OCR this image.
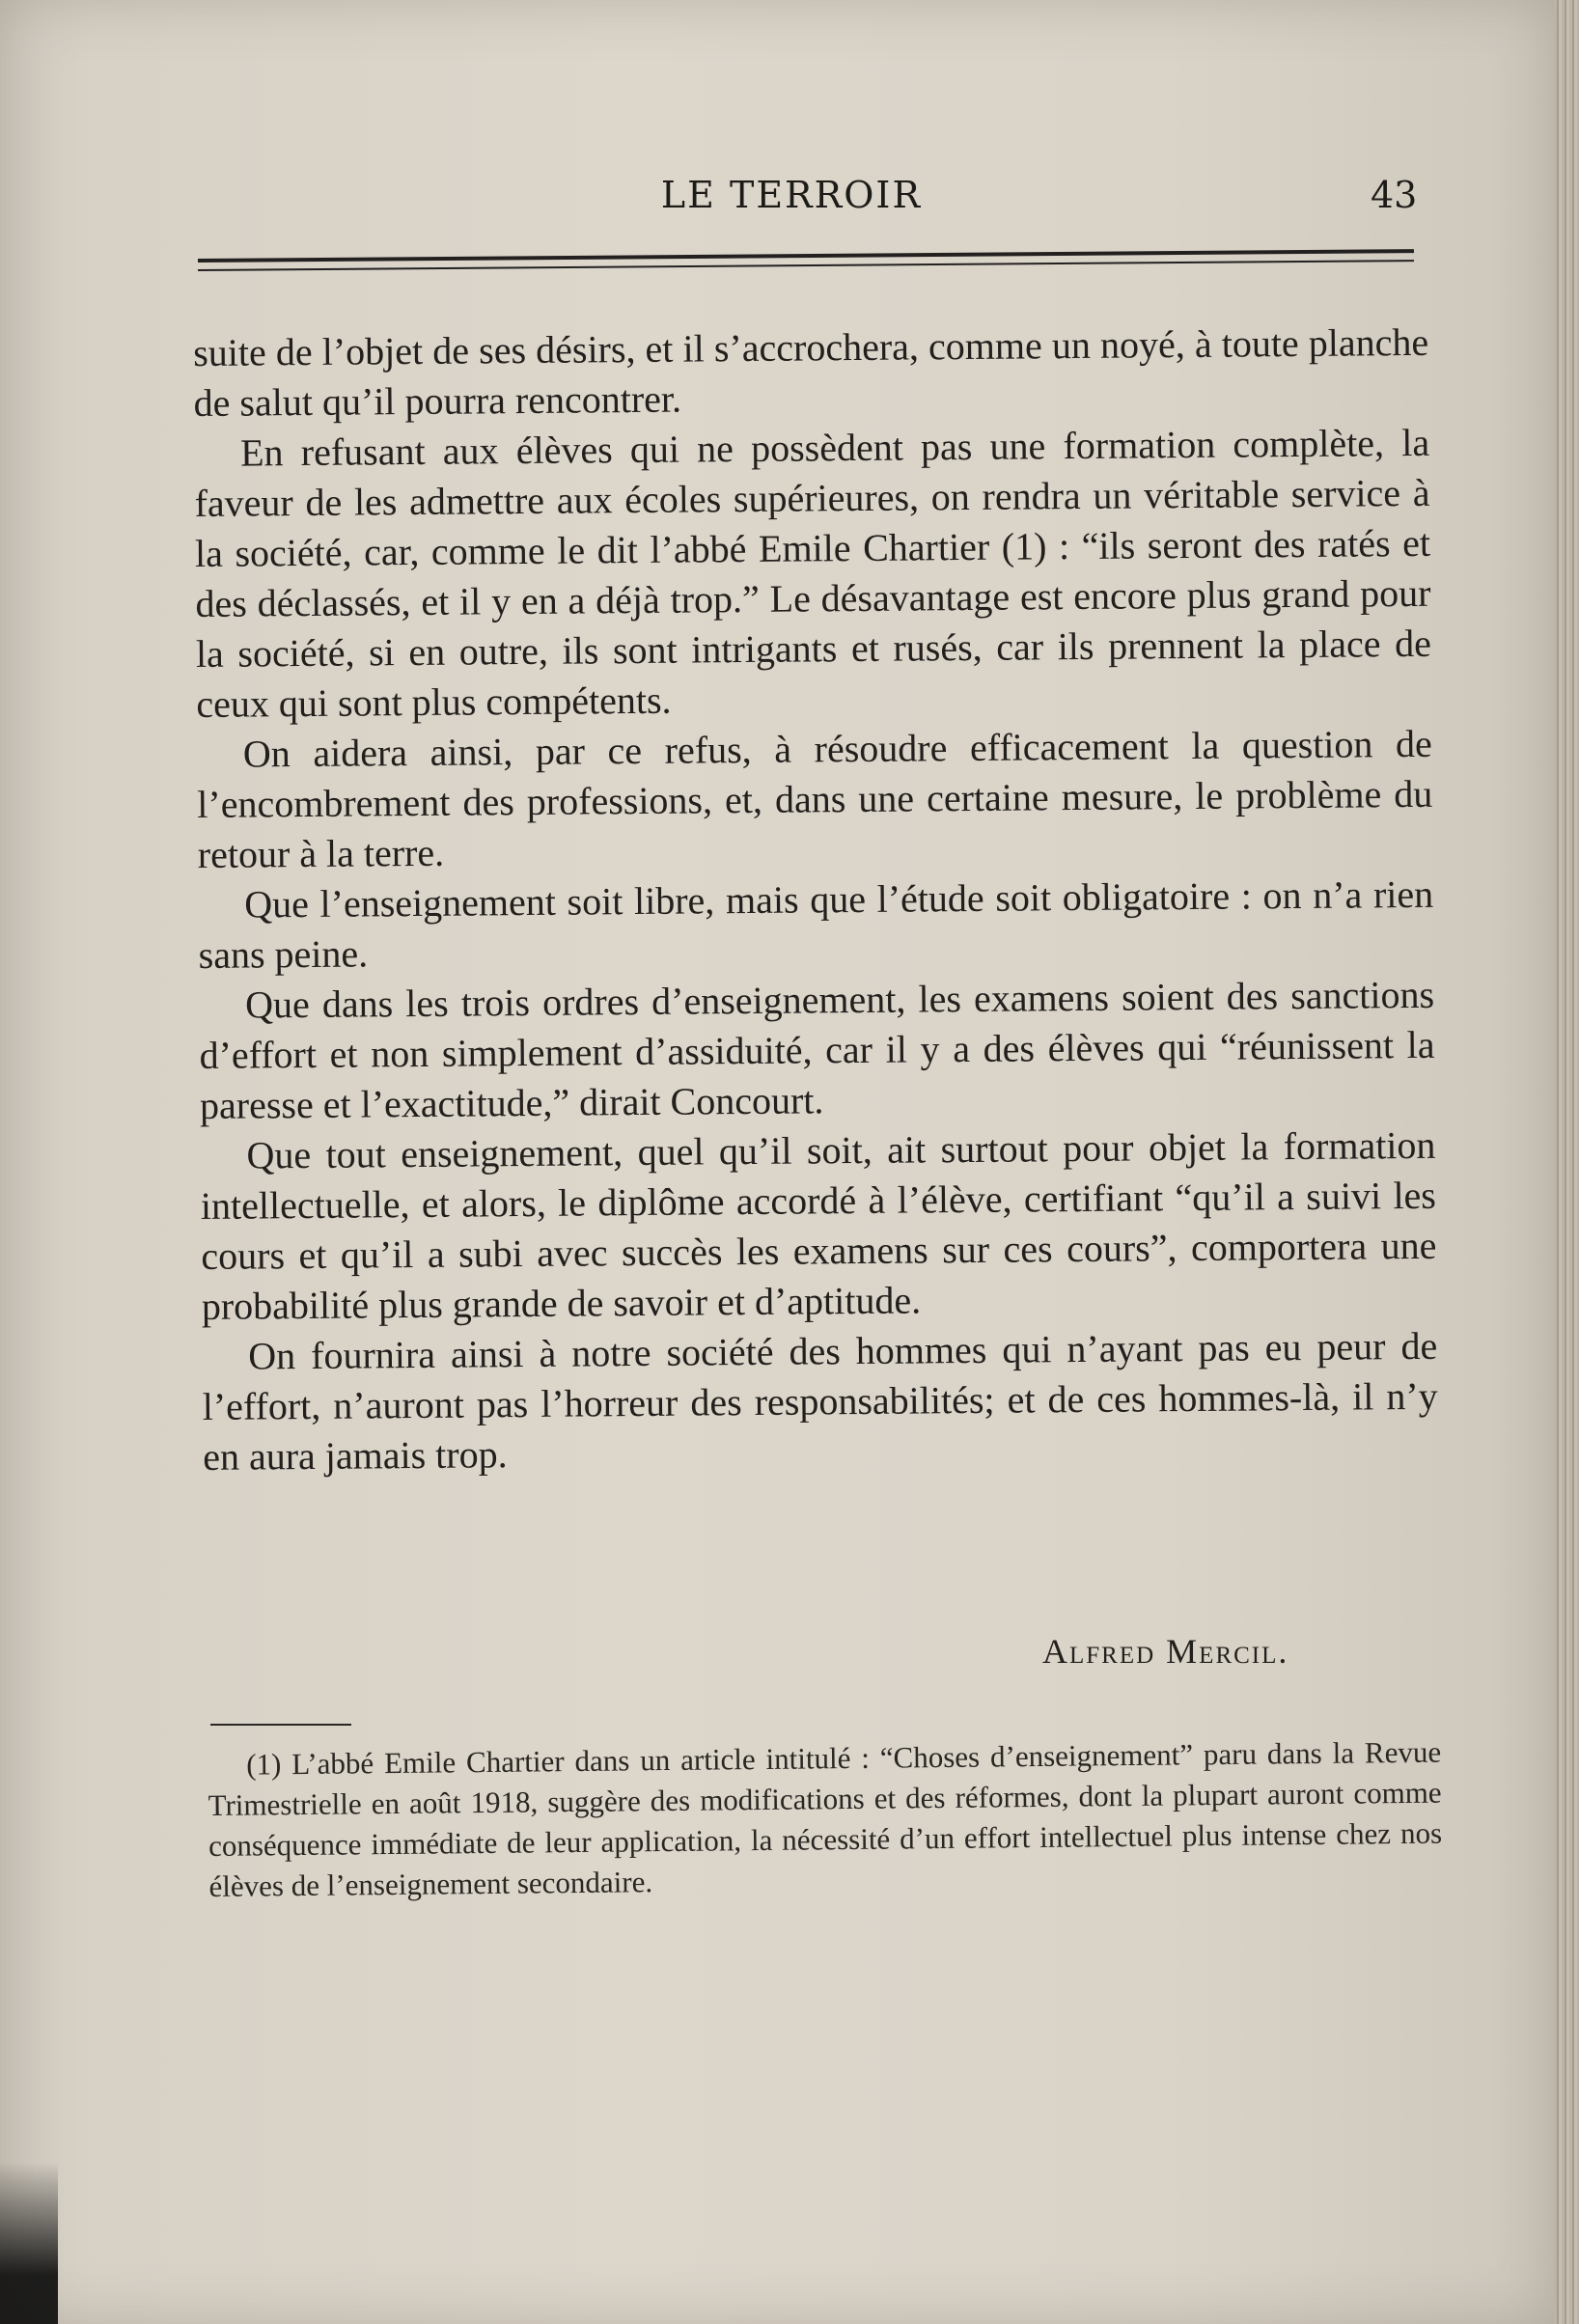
LE TERROIR	43

suite de l’objet de ses désirs, et il s’accrochera, comme un noyé, à toute planche de salut qu’il pourra rencontrer.

En refusant aux élèves qui ne possèdent pas une formation complète, la faveur de les admettre aux écoles supérieures, on rendra un véritable service à la société, car, comme le dit l’abbé Emile Chartier (1) : “ils seront des ratés et des déclassés, et il y en a déjà trop.” Le désavantage est encore plus grand pour la société, si en outre, ils sont intrigants et rusés, car ils prennent la place de ceux qui sont plus compétents.

On aidera ainsi, par ce refus, à résoudre efficacement la question de l’encombrement des professions, et, dans une certaine mesure, le problème du retour à la terre.

Que l’enseignement soit libre, mais que l’étude soit obligatoire : on n’a rien sans peine.

Que dans les trois ordres d’enseignement, les examens soient des sanctions d’effort et non simplement d’assiduité, car il y a des élèves qui “réunissent la paresse et l’exactitude,” dirait Concourt.

Que tout enseignement, quel qu’il soit, ait surtout pour objet la formation intellectuelle, et alors, le diplôme accordé à l’élève, certifiant “qu’il a suivi les cours et qu’il a subi avec succès les examens sur ces cours”, comportera une probabilité plus grande de savoir et d’aptitude.

On fournira ainsi à notre société des hommes qui n’ayant pas eu peur de l’effort, n’auront pas l’horreur des responsabilités; et de ces hommes-là, il n’y en aura jamais trop.

Alfred Mercil.

(1) L’abbé Emile Chartier dans un article intitulé : “Choses d’enseignement” paru dans la Revue Trimestrielle en août 1918, suggère des modifications et des réformes, dont la plupart auront comme conséquence immédiate de leur application, la nécessité d’un effort intellectuel plus intense chez nos élèves de l’enseignement secondaire.
